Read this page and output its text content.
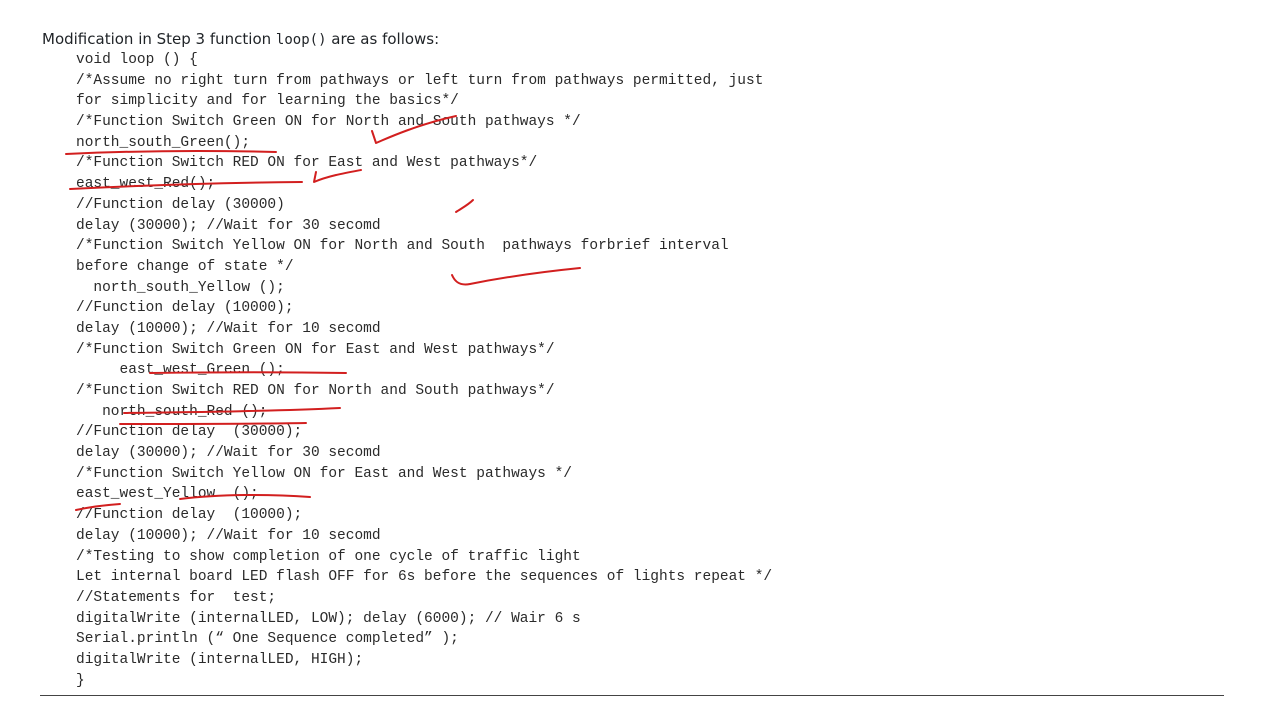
Modification in Step 3 function loop() are as follows:
void loop () {
/*Assume no right turn from pathways or left turn from pathways permitted, just
for simplicity and for learning the basics*/
/*Function Switch Green ON for North and South pathways */
north_south_Green();
/*Function Switch RED ON for East and West pathways*/
east_west_Red();
//Function delay (30000)
delay (30000); //Wait for 30 secomd
/*Function Switch Yellow ON for North and South  pathways forbrief interval
before change of state */
north_south_Yellow ();
//Function delay (10000);
delay (10000); //Wait for 10 secomd
/*Function Switch Green ON for East and West pathways*/
east_west_Green ();
/*Function Switch RED ON for North and South pathways*/
north_south_Red ();
//Function delay  (30000);
delay (30000); //Wait for 30 secomd
/*Function Switch Yellow ON for East and West pathways */
east_west_Yellow  ();
//Function delay  (10000);
delay (10000); //Wait for 10 secomd
/*Testing to show completion of one cycle of traffic light
Let internal board LED flash OFF for 6s before the sequences of lights repeat */
//Statements for  test;
digitalWrite (internalLED, LOW); delay (6000); // Wair 6 s
Serial.println (“ One Sequence completed” );
digitalWrite (internalLED, HIGH);
}
